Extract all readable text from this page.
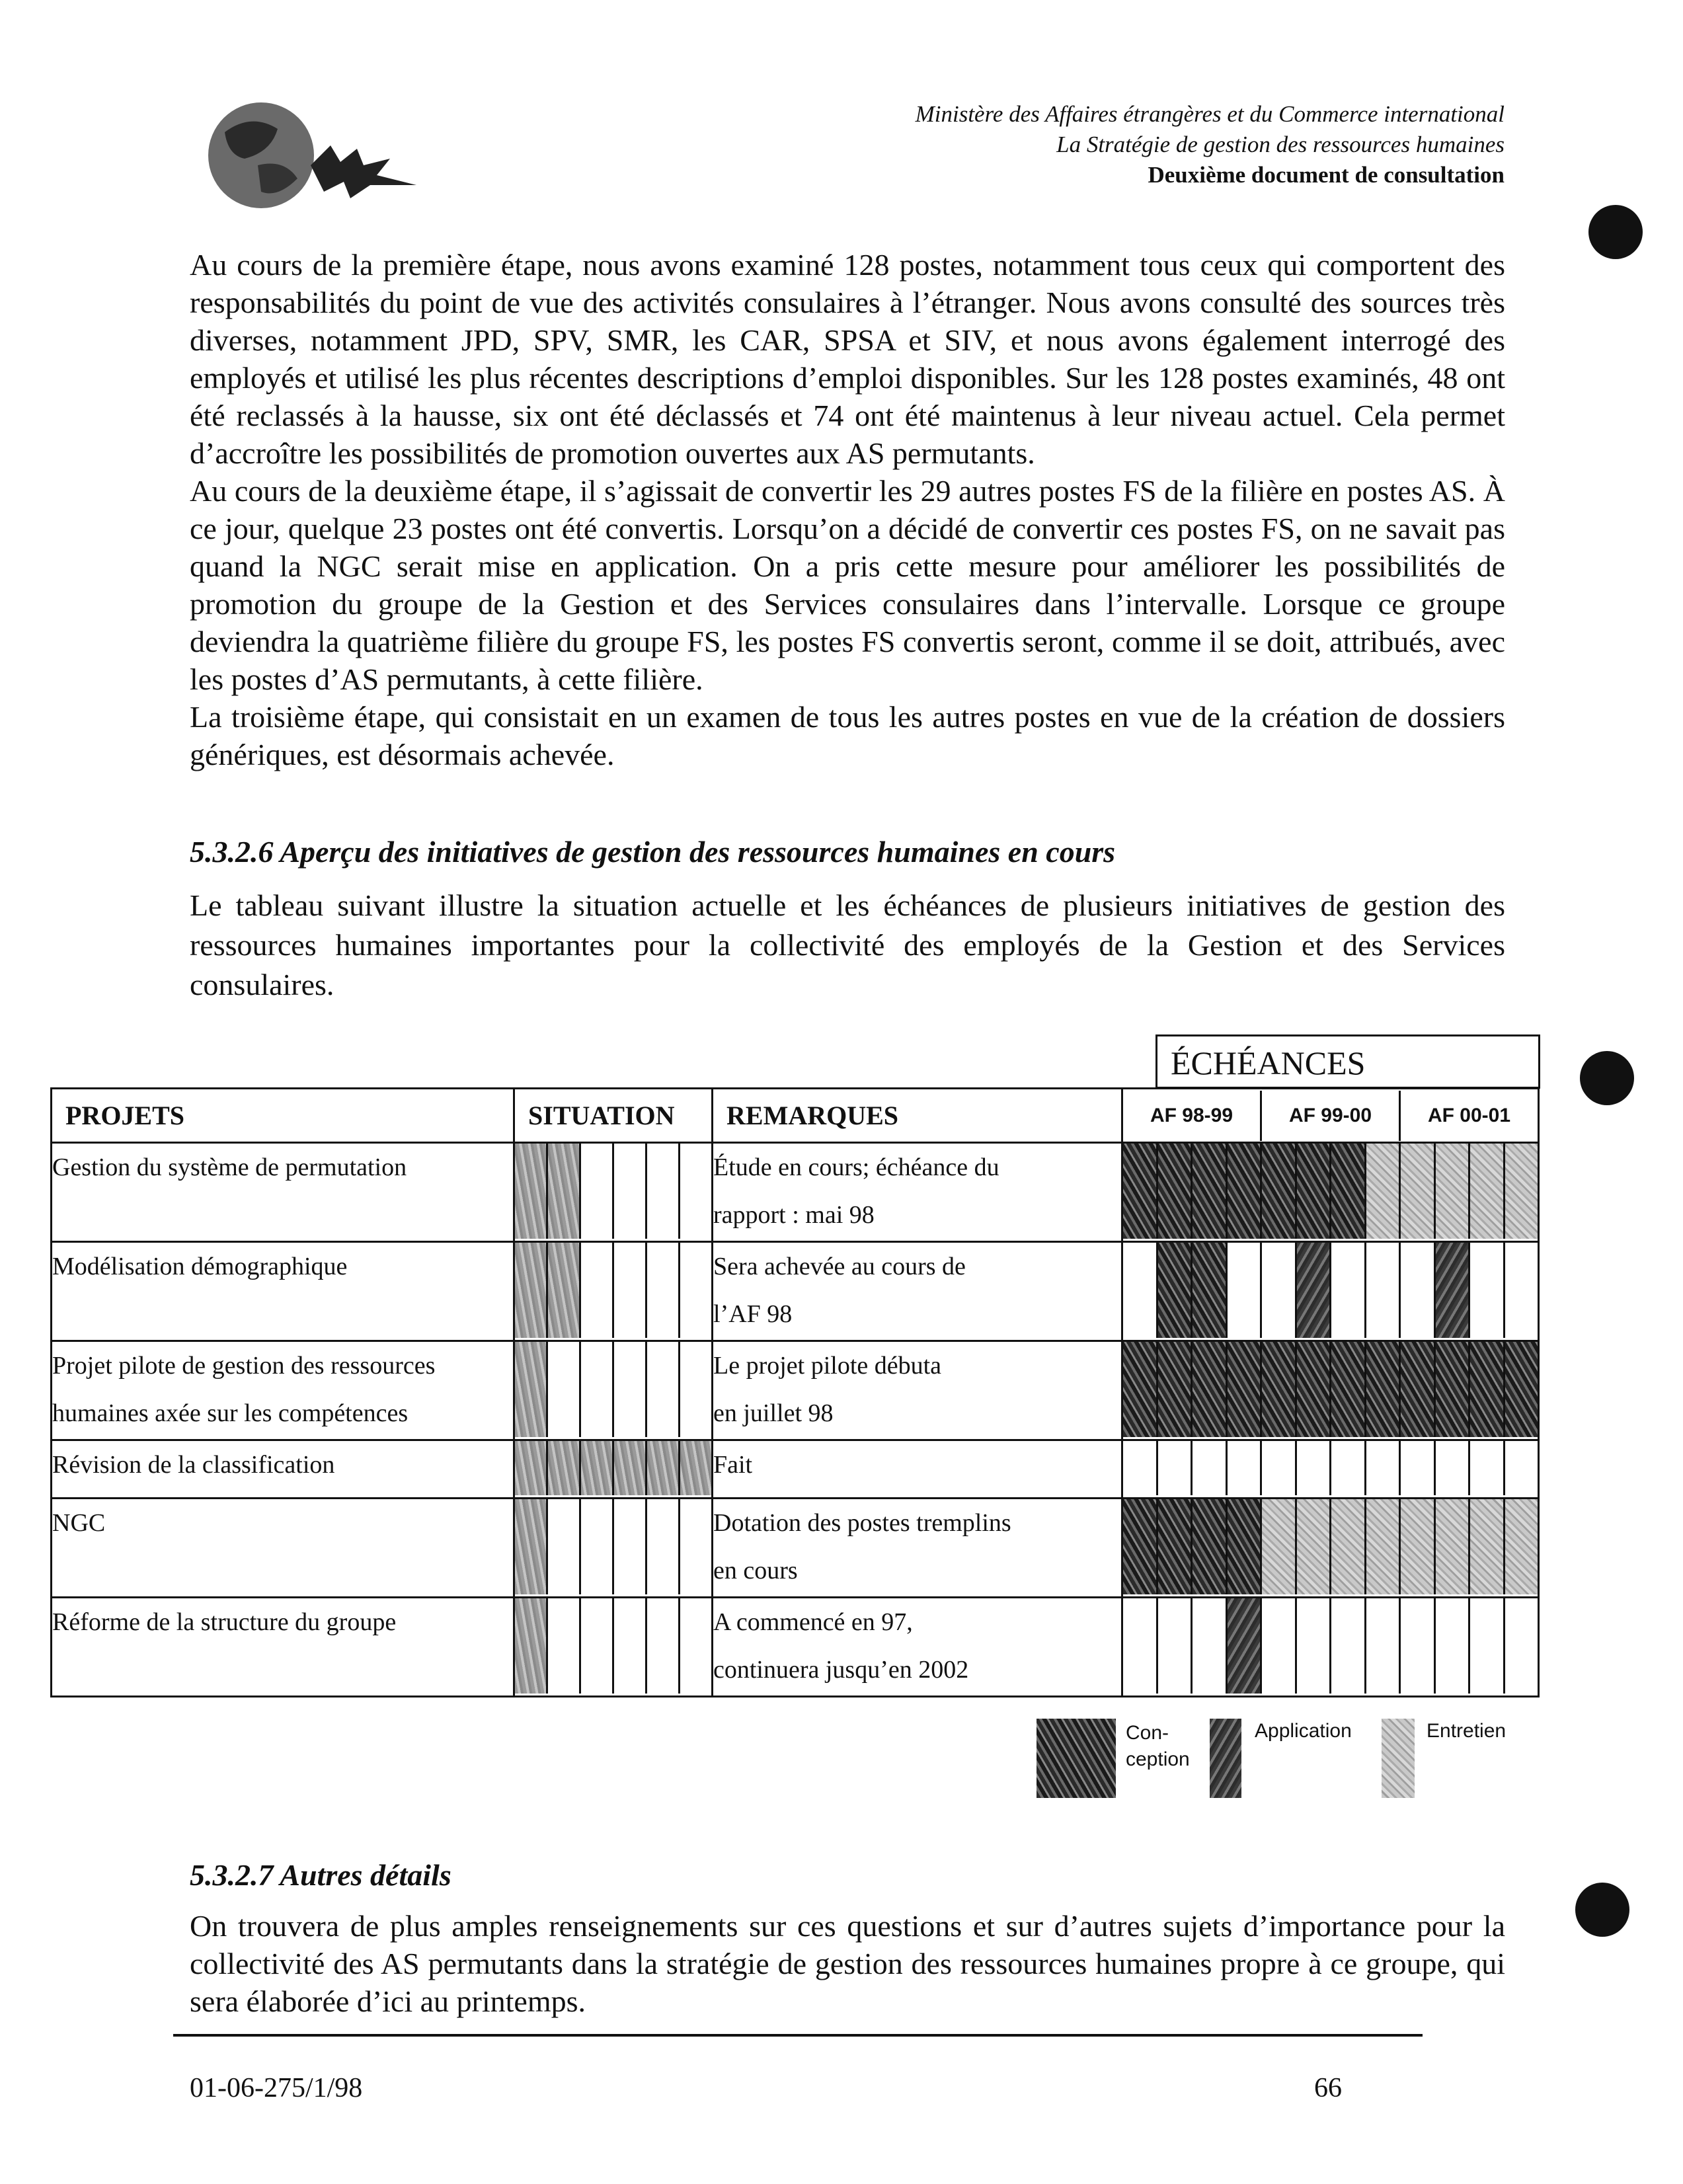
Ministère des Affaires étrangères et du Commerce international
La Stratégie de gestion des ressources humaines
Deuxième document de consultation

Au cours de la première étape, nous avons examiné 128 postes, notamment tous ceux qui comportent des responsabilités du point de vue des activités consulaires à l’étranger. Nous avons consulté des sources très diverses, notamment JPD, SPV, SMR, les CAR, SPSA et SIV, et nous avons également interrogé des employés et utilisé les plus récentes descriptions d’emploi disponibles. Sur les 128 postes examinés, 48 ont été reclassés à la hausse, six ont été déclassés et 74 ont été maintenus à leur niveau actuel. Cela permet d’accroître les possibilités de promotion ouvertes aux AS permutants.

Au cours de la deuxième étape, il s’agissait de convertir les 29 autres postes FS de la filière en postes AS. À ce jour, quelque 23 postes ont été convertis. Lorsqu’on a décidé de convertir ces postes FS, on ne savait pas quand la NGC serait mise en application. On a pris cette mesure pour améliorer les possibilités de promotion du groupe de la Gestion et des Services consulaires dans l’intervalle. Lorsque ce groupe deviendra la quatrième filière du groupe FS, les postes FS convertis seront, comme il se doit, attribués, avec les postes d’AS permutants, à cette filière.

La troisième étape, qui consistait en un examen de tous les autres postes en vue de la création de dossiers génériques, est désormais achevée.

5.3.2.6 Aperçu des initiatives de gestion des ressources humaines en cours

Le tableau suivant illustre la situation actuelle et les échéances de plusieurs initiatives de gestion des ressources humaines importantes pour la collectivité des employés de la Gestion et des Services consulaires.

ÉCHÉANCES
PROJETS	SITUATION	REMARQUES	AF 98-99 AF 99-00 AF 00-01

Gestion du système de permutation		Étude en cours; échéance du
rapport : mai 98	

Modélisation démographique		Sera achevée au cours de
l’AF 98	

Projet pilote de gestion des ressources
humaines axée sur les compétences		Le projet pilote débuta
en juillet 98	

Révision de la classification		Fait	

NGC		Dotation des postes tremplins
en cours	

Réforme de la structure du groupe		A commencé en 97,
continuera jusqu’en 2002	
Con-
ception
Application	Entretien
5.3.2.7 Autres détails

On trouvera de plus amples renseignements sur ces questions et sur d’autres sujets d’importance pour la collectivité des AS permutants dans la stratégie de gestion des ressources humaines propre à ce groupe, qui sera élaborée d’ici au printemps.

01-06-275/1/98	66
